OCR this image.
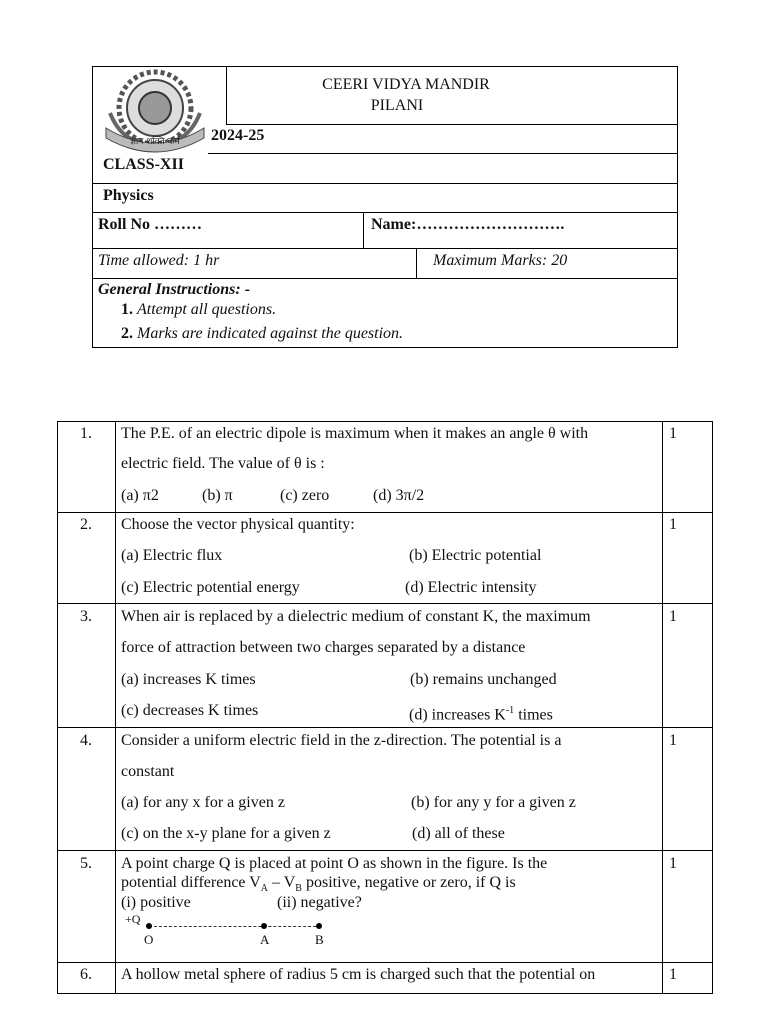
ज्ञान शक्ति कर्म
CEERI VIDYA MANDIR
PILANI
2024-25
CLASS-XII
Physics
Roll No ………	Name:……………………….
Time allowed: 1 hr	Maximum Marks: 20
General Instructions: -
1. Attempt all questions.
2. Marks are indicated against the question.
1.	The P.E. of an electric dipole is maximum when it makes an angle θ with
electric field. The value of θ is :
(a) π2	(b) π	(c) zero	(d) 3π/2
1
2.	Choose the vector physical quantity:
(a) Electric flux	(b) Electric potential
(c) Electric potential energy	(d) Electric intensity
1
3.	When air is replaced by a dielectric medium of constant K, the maximum
force of attraction between two charges separated by a distance
(a) increases K times	(b) remains unchanged
(c) decreases K times	(d) increases $K^{-1}$ times
1
4.	Consider a uniform electric field in the z-direction. The potential is a
constant
(a) for any x for a given z	(b) for any y for a given z
(c) on the x-y plane for a given z	(d) all of these
1
5.	A point charge Q is placed at point O as shown in the figure. Is the
potential difference $V_A - V_B$ positive, negative or zero, if Q is
(i) positive	(ii) negative?
+Q
O	A	B
1
6.	A hollow metal sphere of radius 5 cm is charged such that the potential on	1
